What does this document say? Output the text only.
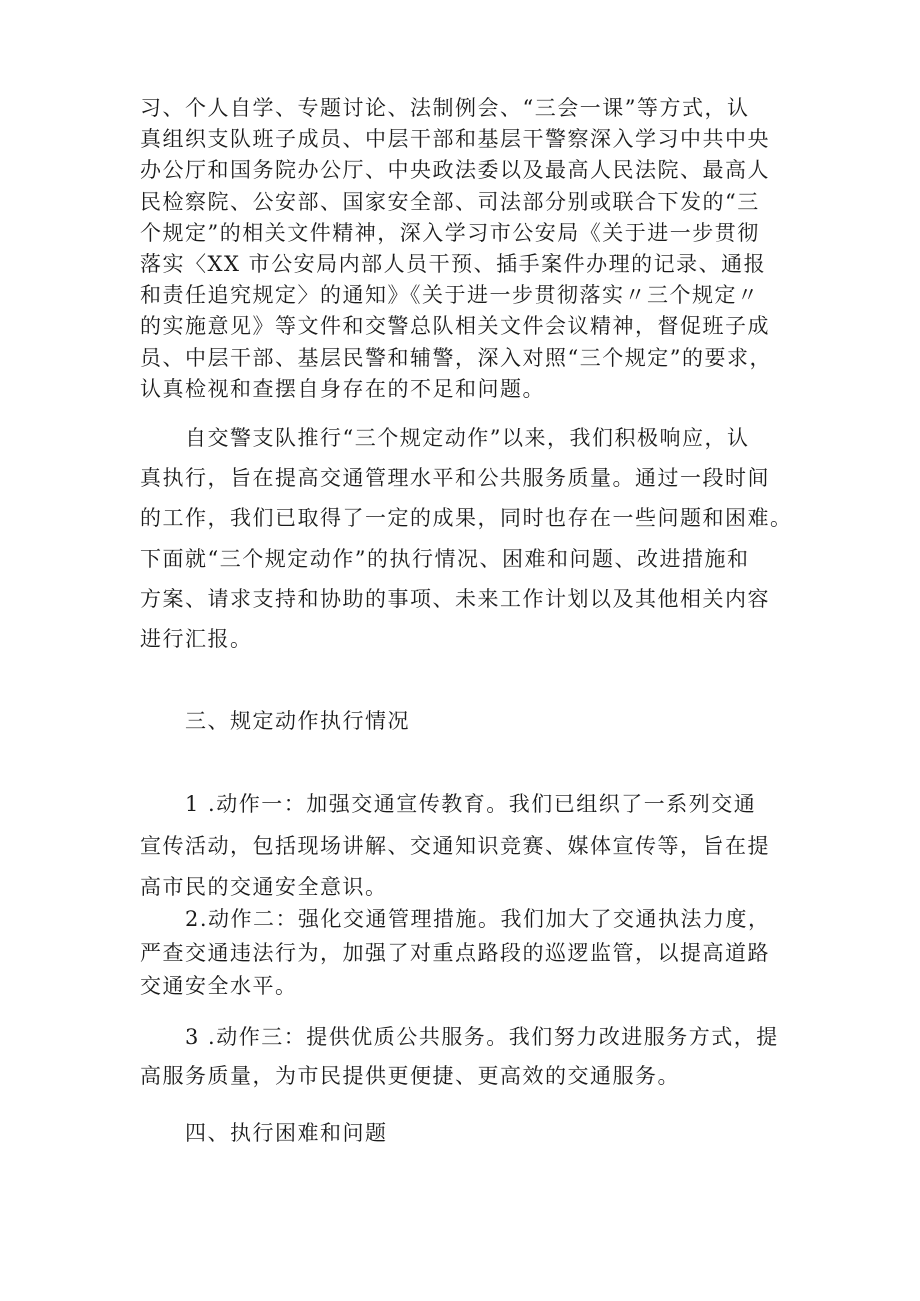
习、个人自学、专题讨论、法制例会、“三会一课”等方式，认

真组织支队班子成员、中层干部和基层干警察深入学习中共中央

办公厅和国务院办公厅、中央政法委以及最高人民法院、最高人

民检察院、公安部、国家安全部、司法部分别或联合下发的“三

个规定”的相关文件精神，深入学习市公安局《关于进一步贯彻

落实〈XX 市公安局内部人员干预、插手案件办理的记录、通报

和责任追究规定〉的通知》《关于进一步贯彻落实〃三个规定〃

的实施意见》等文件和交警总队相关文件会议精神，督促班子成

员、中层干部、基层民警和辅警，深入对照“三个规定”的要求，

认真检视和查摆自身存在的不足和问题。

　　自交警支队推行“三个规定动作”以来，我们积极响应，认

真执行，旨在提高交通管理水平和公共服务质量。通过一段时间

的工作，我们已取得了一定的成果，同时也存在一些问题和困难。

下面就“三个规定动作”的执行情况、困难和问题、改进措施和

方案、请求支持和协助的事项、未来工作计划以及其他相关内容

进行汇报。

　　三、规定动作执行情况

　　1 .动作一：加强交通宣传教育。我们已组织了一系列交通

宣传活动，包括现场讲解、交通知识竞赛、媒体宣传等，旨在提

高市民的交通安全意识。

　　2.动作二：强化交通管理措施。我们加大了交通执法力度，

严查交通违法行为，加强了对重点路段的巡逻监管，以提高道路

交通安全水平。

　　3 .动作三：提供优质公共服务。我们努力改进服务方式，提

高服务质量，为市民提供更便捷、更高效的交通服务。

　　四、执行困难和问题
